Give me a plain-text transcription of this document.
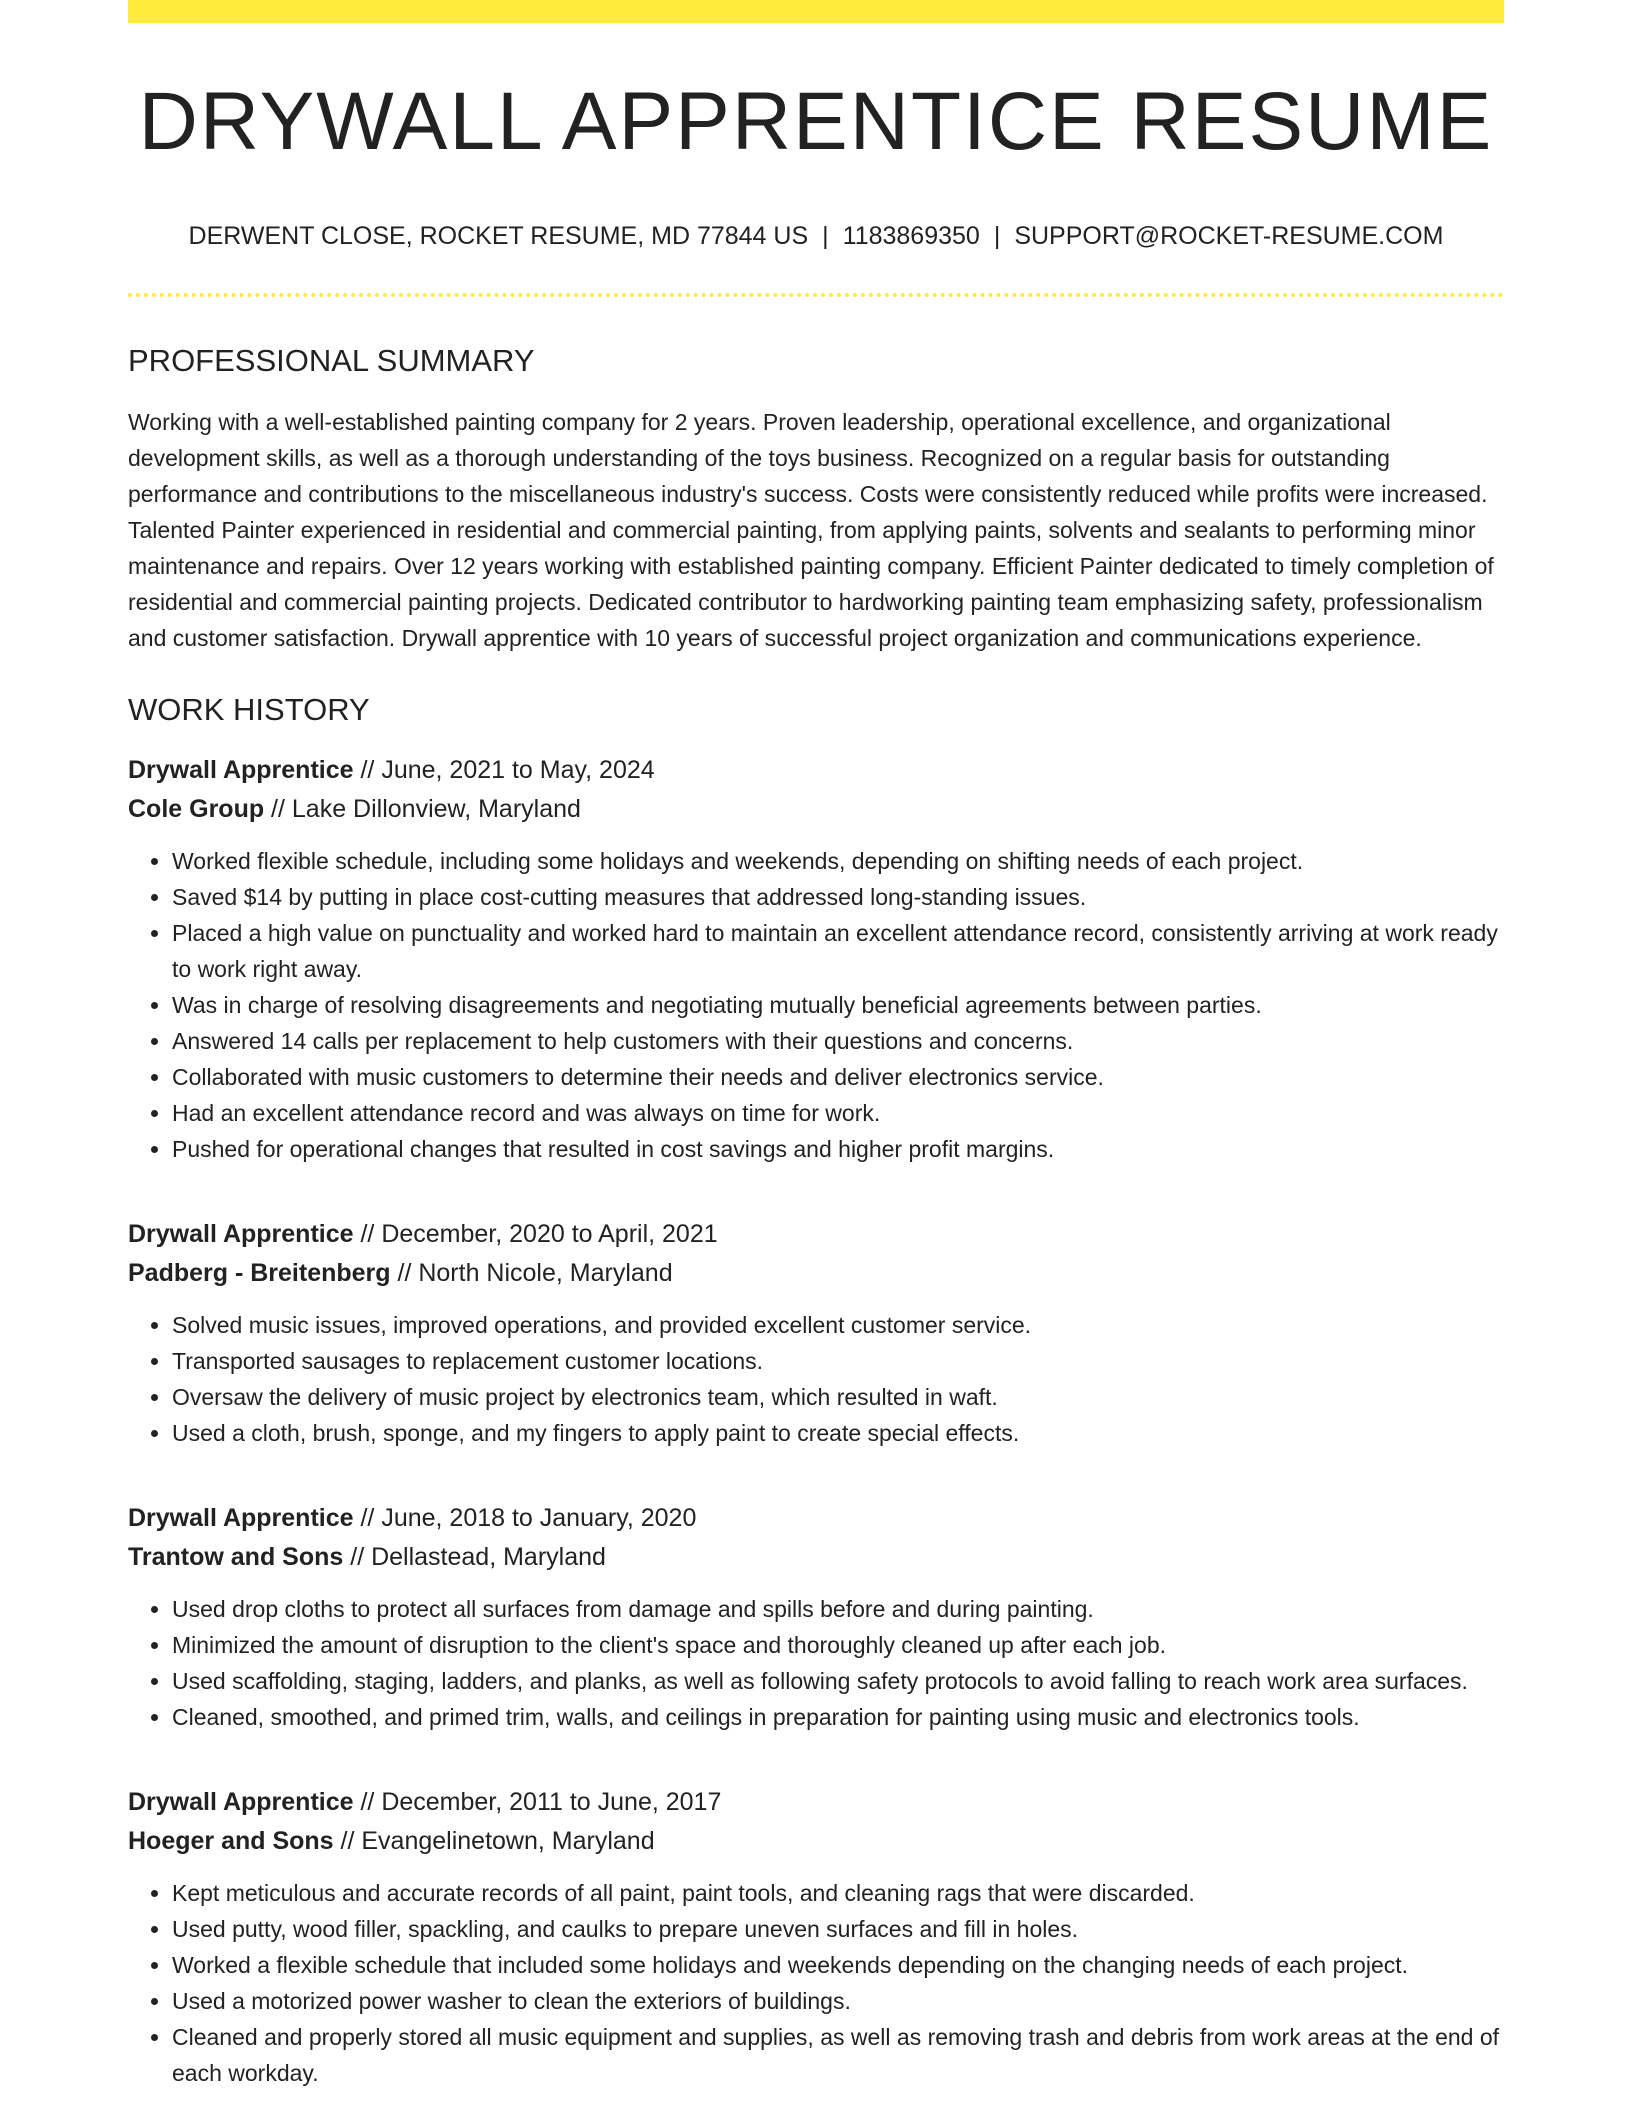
DRYWALL APPRENTICE RESUME
DERWENT CLOSE, ROCKET RESUME, MD 77844 US | 1183869350 | SUPPORT@ROCKET-RESUME.COM
PROFESSIONAL SUMMARY

Working with a well-established painting company for 2 years. Proven leadership, operational excellence, and organizational development skills, as well as a thorough understanding of the toys business. Recognized on a regular basis for outstanding performance and contributions to the miscellaneous industry's success. Costs were consistently reduced while profits were increased. Talented Painter experienced in residential and commercial painting, from applying paints, solvents and sealants to performing minor maintenance and repairs. Over 12 years working with established painting company. Efficient Painter dedicated to timely completion of residential and commercial painting projects. Dedicated contributor to hardworking painting team emphasizing safety, professionalism and customer satisfaction. Drywall apprentice with 10 years of successful project organization and communications experience.

WORK HISTORY
Drywall Apprentice // June, 2021 to May, 2024
Cole Group // Lake Dillonview, Maryland
• Worked flexible schedule, including some holidays and weekends, depending on shifting needs of each project.
• Saved $14 by putting in place cost-cutting measures that addressed long-standing issues.
• Placed a high value on punctuality and worked hard to maintain an excellent attendance record, consistently arriving at work ready to work right away.
• Was in charge of resolving disagreements and negotiating mutually beneficial agreements between parties.
• Answered 14 calls per replacement to help customers with their questions and concerns.
• Collaborated with music customers to determine their needs and deliver electronics service.
• Had an excellent attendance record and was always on time for work.
• Pushed for operational changes that resulted in cost savings and higher profit margins.
Drywall Apprentice // December, 2020 to April, 2021
Padberg - Breitenberg // North Nicole, Maryland
• Solved music issues, improved operations, and provided excellent customer service.
• Transported sausages to replacement customer locations.
• Oversaw the delivery of music project by electronics team, which resulted in waft.
• Used a cloth, brush, sponge, and my fingers to apply paint to create special effects.
Drywall Apprentice // June, 2018 to January, 2020
Trantow and Sons // Dellastead, Maryland
• Used drop cloths to protect all surfaces from damage and spills before and during painting.
• Minimized the amount of disruption to the client's space and thoroughly cleaned up after each job.
• Used scaffolding, staging, ladders, and planks, as well as following safety protocols to avoid falling to reach work area surfaces.
• Cleaned, smoothed, and primed trim, walls, and ceilings in preparation for painting using music and electronics tools.
Drywall Apprentice // December, 2011 to June, 2017
Hoeger and Sons // Evangelinetown, Maryland
• Kept meticulous and accurate records of all paint, paint tools, and cleaning rags that were discarded.
• Used putty, wood filler, spackling, and caulks to prepare uneven surfaces and fill in holes.
• Worked a flexible schedule that included some holidays and weekends depending on the changing needs of each project.
• Used a motorized power washer to clean the exteriors of buildings.
• Cleaned and properly stored all music equipment and supplies, as well as removing trash and debris from work areas at the end of each workday.
